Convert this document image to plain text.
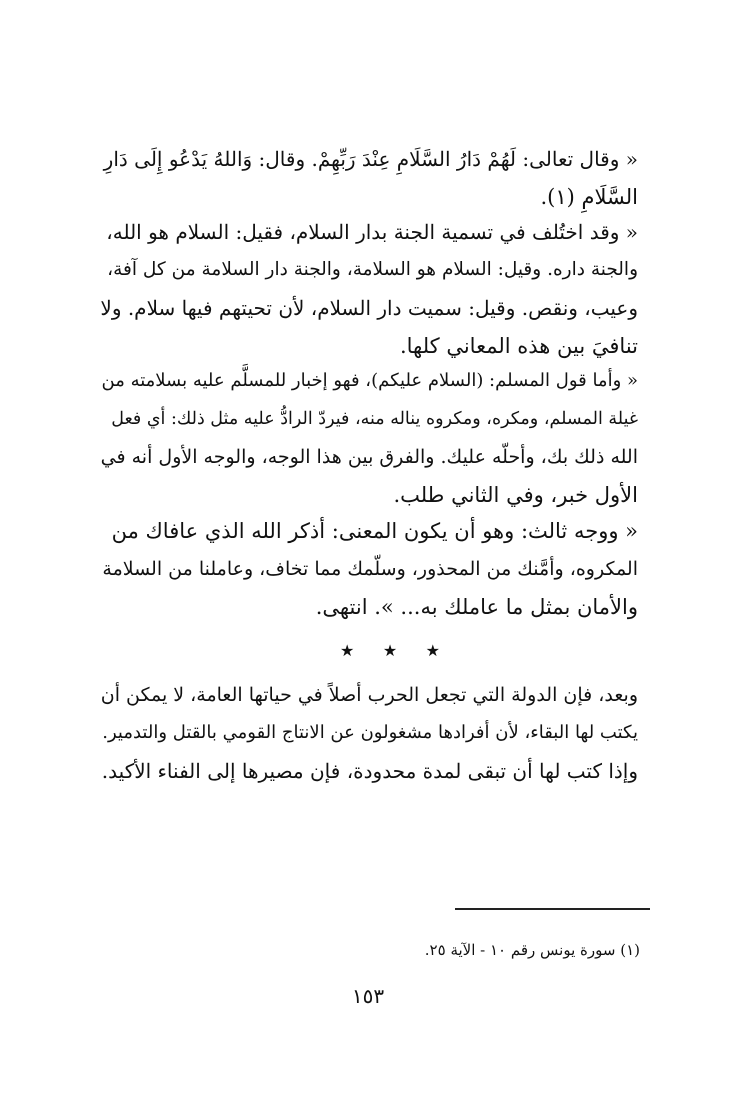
« وقال تعالى: لَهُمْ دَارُ السَّلَامِ عِنْدَ رَبِّهِمْ. وقال: وَاللهُ يَدْعُو إِلَى دَارِ
السَّلَامِ (١).
« وقد اختُلف في تسمية الجنة بدار السلام، فقيل: السلام هو الله،
والجنة داره. وقيل: السلام هو السلامة، والجنة دار السلامة من كل آفة،
وعيب، ونقص. وقيل: سميت دار السلام، لأن تحيتهم فيها سلام. ولا
تنافيَ بين هذه المعاني كلها.
« وأما قول المسلم: (السلام عليكم)، فهو إخبار للمسلَّم عليه بسلامته من
غيلة المسلم، ومكره، ومكروه يناله منه، فيردّ الرادُّ عليه مثل ذلك: أي فعل
الله ذلك بك، وأحلّه عليك. والفرق بين هذا الوجه، والوجه الأول أنه في
الأول خبر، وفي الثاني طلب.
« ووجه ثالث: وهو أن يكون المعنى: أذكر الله الذي عافاك من
المكروه، وأمَّنك من المحذور، وسلّمك مما تخاف، وعاملنا من السلامة
والأمان بمثل ما عاملك به... ». انتهى.
★ ★ ★
وبعد، فإن الدولة التي تجعل الحرب أصلاً في حياتها العامة، لا يمكن أن
يكتب لها البقاء، لأن أفرادها مشغولون عن الانتاج القومي بالقتل والتدمير.
وإذا كتب لها أن تبقى لمدة محدودة، فإن مصيرها إلى الفناء الأكيد.
(١) سورة يونس رقم ١٠ - الآية ٢٥.
١٥٣
